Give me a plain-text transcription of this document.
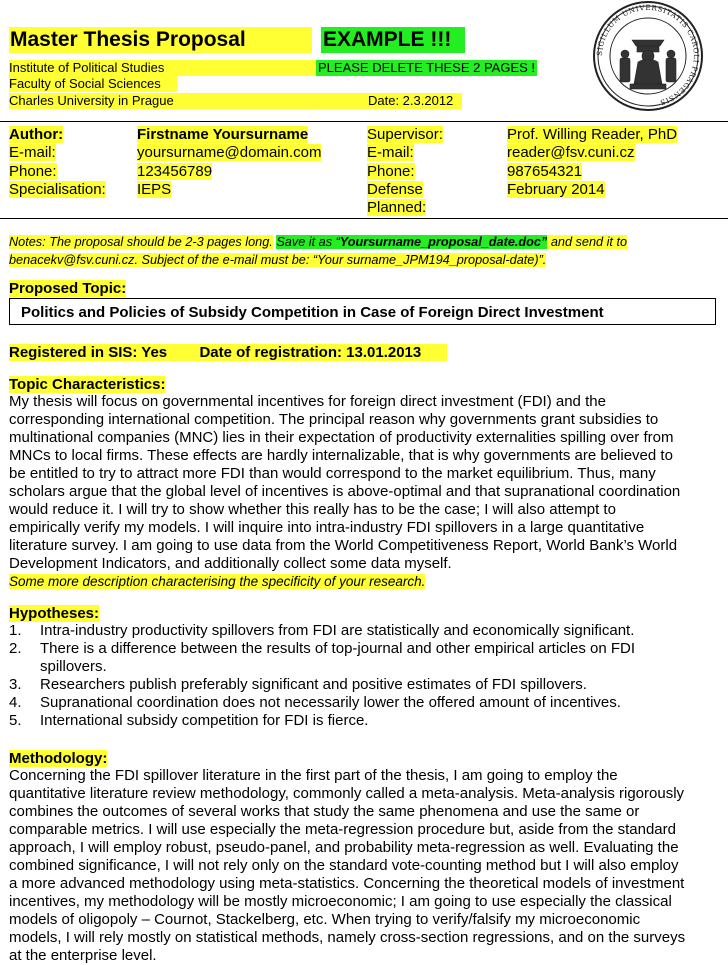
Master Thesis Proposal	EXAMPLE !!!
Institute of Political Studies
Faculty of Social Sciences
Charles University in Prague
PLEASE DELETE THESE 2 PAGES !
Date: 2.3.2012
SIGILLUM UNIVERSITATIS CAROLI PRAGENSIS
Author:
E-mail:
Phone:
Specialisation:
Firstname Yoursurname
yoursurname@domain.com
123456789
IEPS
Supervisor:
E-mail:
Phone:
Defense
Planned:
Prof. Willing Reader, PhD
reader@fsv.cuni.cz
987654321
February 2014
Notes: The proposal should be 2-3 pages long. Save it as “Yoursurname_proposal_date.doc” and send it to
benacekv@fsv.cuni.cz. Subject of the e-mail must be: “Your surname_JPM194_proposal-date)”.
Proposed Topic:
Politics and Policies of Subsidy Competition in Case of Foreign Direct Investment
Registered in SIS: Yes Date of registration: 13.01.2013
Topic Characteristics:
My thesis will focus on governmental incentives for foreign direct investment (FDI) and the
corresponding international competition. The principal reason why governments grant subsidies to
multinational companies (MNC) lies in their expectation of productivity externalities spilling over from
MNCs to local firms. These effects are hardly internalizable, that is why governments are believed to
be entitled to try to attract more FDI than would correspond to the market equilibrium. Thus, many
scholars argue that the global level of incentives is above-optimal and that supranational coordination
would reduce it. I will try to show whether this really has to be the case; I will also attempt to
empirically verify my models. I will inquire into intra-industry FDI spillovers in a large quantitative
literature survey. I am going to use data from the World Competitiveness Report, World Bank’s World
Development Indicators, and additionally collect some data myself.
Some more description characterising the specificity of your research.
Hypotheses:
1. Intra-industry productivity spillovers from FDI are statistically and economically significant.
2. There is a difference between the results of top-journal and other empirical articles on FDI
spillovers.
3. Researchers publish preferably significant and positive estimates of FDI spillovers.
4. Supranational coordination does not necessarily lower the offered amount of incentives.
5. International subsidy competition for FDI is fierce.
Methodology:
Concerning the FDI spillover literature in the first part of the thesis, I am going to employ the
quantitative literature review methodology, commonly called a meta-analysis. Meta-analysis rigorously
combines the outcomes of several works that study the same phenomena and use the same or
comparable metrics. I will use especially the meta-regression procedure but, aside from the standard
approach, I will employ robust, pseudo-panel, and probability meta-regression as well. Evaluating the
combined significance, I will not rely only on the standard vote-counting method but I will also employ
a more advanced methodology using meta-statistics. Concerning the theoretical models of investment
incentives, my methodology will be mostly microeconomic; I am going to use especially the classical
models of oligopoly – Cournot, Stackelberg, etc. When trying to verify/falsify my microeconomic
models, I will rely mostly on statistical methods, namely cross-section regressions, and on the surveys
at the enterprise level.
